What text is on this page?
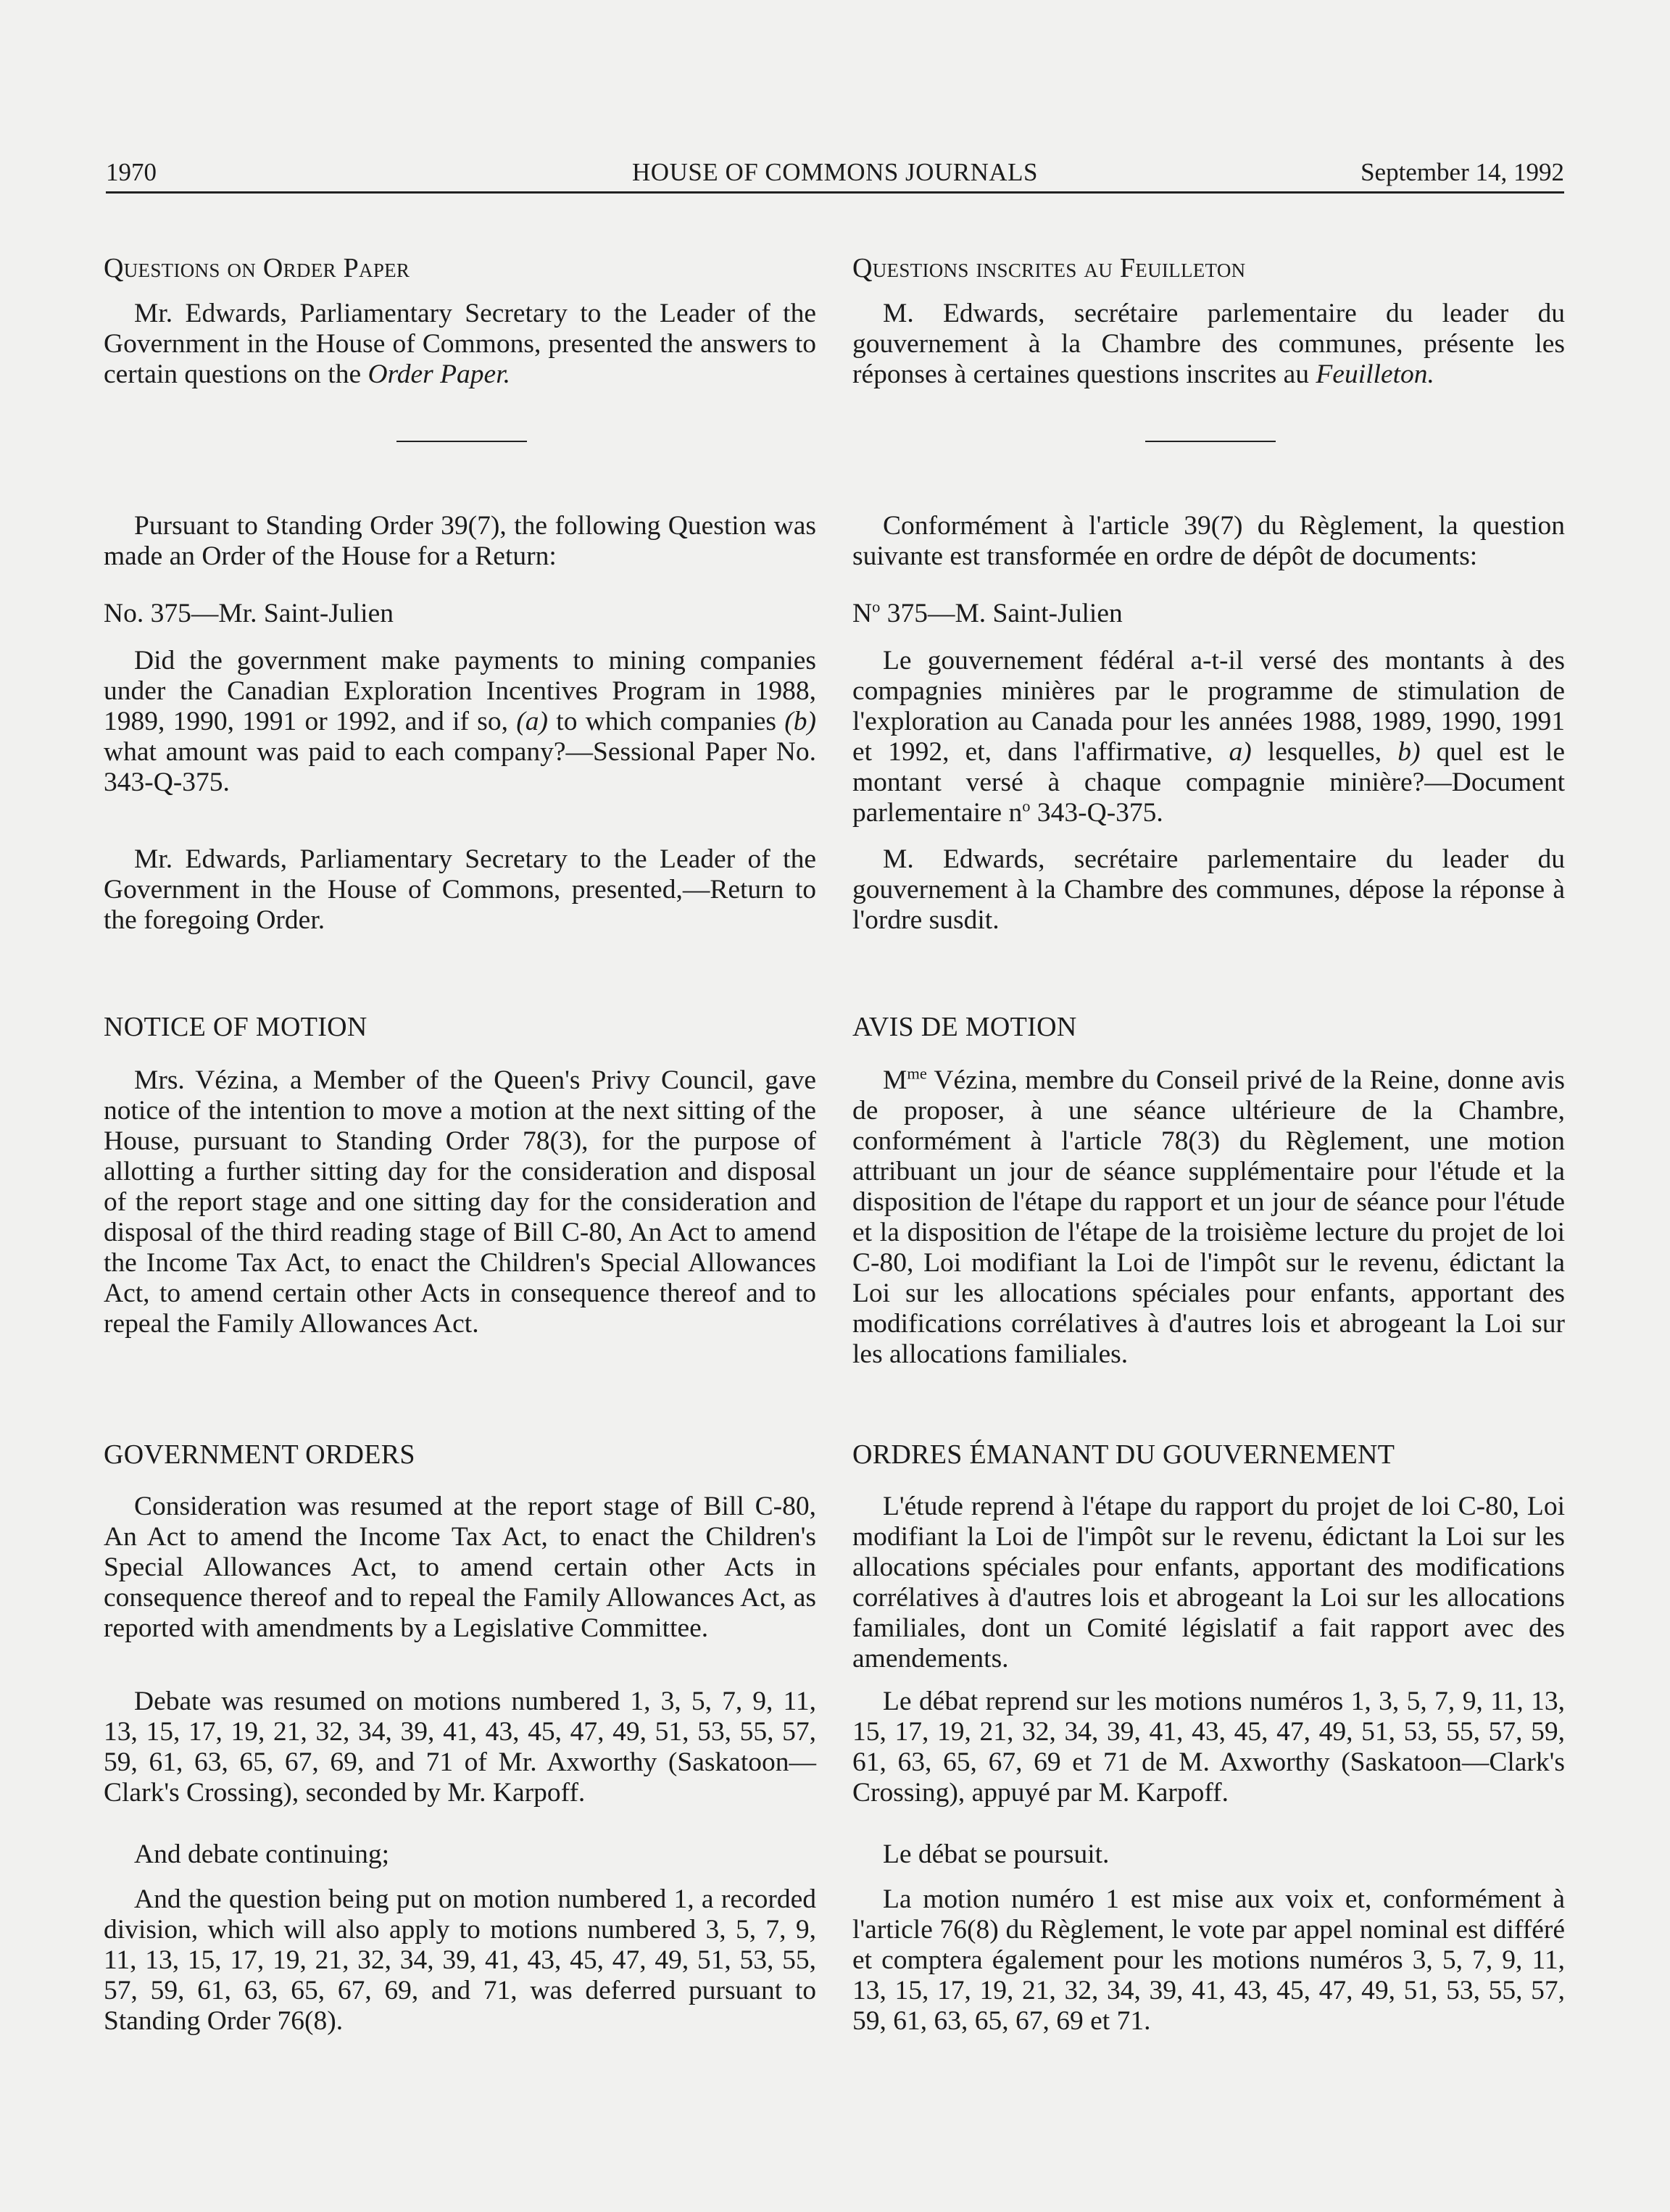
1970	HOUSE OF COMMONS JOURNALS	September 14, 1992

Questions on Order Paper

Mr. Edwards, Parliamentary Secretary to the Leader of the Government in the House of Commons, presented the answers to certain questions on the Order Paper.

Pursuant to Standing Order 39(7), the following Question was made an Order of the House for a Return:

No. 375—Mr. Saint-Julien

Did the government make payments to mining companies under the Canadian Exploration Incentives Program in 1988, 1989, 1990, 1991 or 1992, and if so, (a) to which companies (b) what amount was paid to each company?—Sessional Paper No. 343-Q-375.

Mr. Edwards, Parliamentary Secretary to the Leader of the Government in the House of Commons, presented,—Return to the foregoing Order.

NOTICE OF MOTION

Mrs. Vézina, a Member of the Queen's Privy Council, gave notice of the intention to move a motion at the next sitting of the House, pursuant to Standing Order 78(3), for the purpose of allotting a further sitting day for the consideration and disposal of the report stage and one sitting day for the consideration and disposal of the third reading stage of Bill C-80, An Act to amend the Income Tax Act, to enact the Children's Special Allowances Act, to amend certain other Acts in consequence thereof and to repeal the Family Allowances Act.

GOVERNMENT ORDERS

Consideration was resumed at the report stage of Bill C-80, An Act to amend the Income Tax Act, to enact the Children's Special Allowances Act, to amend certain other Acts in consequence thereof and to repeal the Family Allowances Act, as reported with amendments by a Legislative Committee.

Debate was resumed on motions numbered 1, 3, 5, 7, 9, 11, 13, 15, 17, 19, 21, 32, 34, 39, 41, 43, 45, 47, 49, 51, 53, 55, 57, 59, 61, 63, 65, 67, 69, and 71 of Mr. Axworthy (Saskatoon—Clark's Crossing), seconded by Mr. Karpoff.

And debate continuing;

And the question being put on motion numbered 1, a recorded division, which will also apply to motions numbered 3, 5, 7, 9, 11, 13, 15, 17, 19, 21, 32, 34, 39, 41, 43, 45, 47, 49, 51, 53, 55, 57, 59, 61, 63, 65, 67, 69, and 71, was deferred pursuant to Standing Order 76(8).

Questions inscrites au Feuilleton

M. Edwards, secrétaire parlementaire du leader du gouvernement à la Chambre des communes, présente les réponses à certaines questions inscrites au Feuilleton.

Conformément à l'article 39(7) du Règlement, la question suivante est transformée en ordre de dépôt de documents:

$N^o$ 375—M. Saint-Julien

Le gouvernement fédéral a-t-il versé des montants à des compagnies minières par le programme de stimulation de l'exploration au Canada pour les années 1988, 1989, 1990, 1991 et 1992, et, dans l'affirmative, a) lesquelles, b) quel est le montant versé à chaque compagnie minière?—Document parlementaire $n^o$ 343-Q-375.

M. Edwards, secrétaire parlementaire du leader du gouvernement à la Chambre des communes, dépose la réponse à l'ordre susdit.

AVIS DE MOTION

$M^{me}$ Vézina, membre du Conseil privé de la Reine, donne avis de proposer, à une séance ultérieure de la Chambre, conformément à l'article 78(3) du Règlement, une motion attribuant un jour de séance supplémentaire pour l'étude et la disposition de l'étape du rapport et un jour de séance pour l'étude et la disposition de l'étape de la troisième lecture du projet de loi C-80, Loi modifiant la Loi de l'impôt sur le revenu, édictant la Loi sur les allocations spéciales pour enfants, apportant des modifications corrélatives à d'autres lois et abrogeant la Loi sur les allocations familiales.

ORDRES ÉMANANT DU GOUVERNEMENT

L'étude reprend à l'étape du rapport du projet de loi C-80, Loi modifiant la Loi de l'impôt sur le revenu, édictant la Loi sur les allocations spéciales pour enfants, apportant des modifications corrélatives à d'autres lois et abrogeant la Loi sur les allocations familiales, dont un Comité législatif a fait rapport avec des amendements.

Le débat reprend sur les motions numéros 1, 3, 5, 7, 9, 11, 13, 15, 17, 19, 21, 32, 34, 39, 41, 43, 45, 47, 49, 51, 53, 55, 57, 59, 61, 63, 65, 67, 69 et 71 de M. Axworthy (Saskatoon—Clark's Crossing), appuyé par M. Karpoff.

Le débat se poursuit.

La motion numéro 1 est mise aux voix et, conformément à l'article 76(8) du Règlement, le vote par appel nominal est différé et comptera également pour les motions numéros 3, 5, 7, 9, 11, 13, 15, 17, 19, 21, 32, 34, 39, 41, 43, 45, 47, 49, 51, 53, 55, 57, 59, 61, 63, 65, 67, 69 et 71.
